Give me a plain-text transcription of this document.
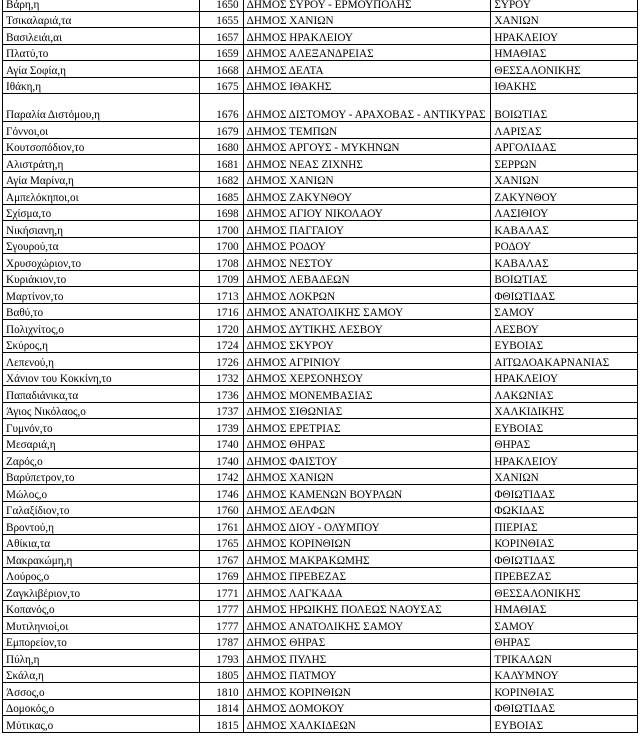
Βάρη,η	1650	ΔΗΜΟΣ ΣΥΡΟΥ - ΕΡΜΟΥΠΟΛΗΣ	ΣΥΡΟΥ
Τσικαλαριά,τα	1655	ΔΗΜΟΣ ΧΑΝΙΩΝ	ΧΑΝΙΩΝ
Βασιλειάι,αι	1657	ΔΗΜΟΣ ΗΡΑΚΛΕΙΟΥ	ΗΡΑΚΛΕΙΟΥ
Πλατύ,το	1659	ΔΗΜΟΣ ΑΛΕΞΑΝΔΡΕΙΑΣ	ΗΜΑΘΙΑΣ
Αγία Σοφία,η	1668	ΔΗΜΟΣ ΔΕΛΤΑ	ΘΕΣΣΑΛΟΝΙΚΗΣ
Ιθάκη,η	1675	ΔΗΜΟΣ ΙΘΑΚΗΣ	ΙΘΑΚΗΣ
Παραλία Διστόμου,η	1676	ΔΗΜΟΣ ΔΙΣΤΟΜΟΥ - ΑΡΑΧΟΒΑΣ - ΑΝΤΙΚΥΡΑΣ	ΒΟΙΩΤΙΑΣ
Γόννοι,οι	1679	ΔΗΜΟΣ ΤΕΜΠΩΝ	ΛΑΡΙΣΑΣ
Κουτσοπόδιον,το	1680	ΔΗΜΟΣ ΑΡΓΟΥΣ - ΜΥΚΗΝΩΝ	ΑΡΓΟΛΙΔΑΣ
Αλιστράτη,η	1681	ΔΗΜΟΣ ΝΕΑΣ ΖΙΧΝΗΣ	ΣΕΡΡΩΝ
Αγία Μαρίνα,η	1682	ΔΗΜΟΣ ΧΑΝΙΩΝ	ΧΑΝΙΩΝ
Αμπελόκηποι,οι	1685	ΔΗΜΟΣ ΖΑΚΥΝΘΟΥ	ΖΑΚΥΝΘΟΥ
Σχίσμα,το	1698	ΔΗΜΟΣ ΑΓΙΟΥ ΝΙΚΟΛΑΟΥ	ΛΑΣΙΘΙΟΥ
Νικήσιανη,η	1700	ΔΗΜΟΣ ΠΑΓΓΑΙΟΥ	ΚΑΒΑΛΑΣ
Σγουρού,τα	1700	ΔΗΜΟΣ ΡΟΔΟΥ	ΡΟΔΟΥ
Χρυσοχώριον,το	1708	ΔΗΜΟΣ ΝΕΣΤΟΥ	ΚΑΒΑΛΑΣ
Κυριάκιον,το	1709	ΔΗΜΟΣ ΛΕΒΑΔΕΩΝ	ΒΟΙΩΤΙΑΣ
Μαρτίνον,το	1713	ΔΗΜΟΣ ΛΟΚΡΩΝ	ΦΘΙΩΤΙΔΑΣ
Βαθύ,το	1716	ΔΗΜΟΣ ΑΝΑΤΟΛΙΚΗΣ ΣΑΜΟΥ	ΣΑΜΟΥ
Πολιχνίτος,ο	1720	ΔΗΜΟΣ ΔΥΤΙΚΗΣ ΛΕΣΒΟΥ	ΛΕΣΒΟΥ
Σκύρος,η	1724	ΔΗΜΟΣ ΣΚΥΡΟΥ	ΕΥΒΟΙΑΣ
Λεπενού,η	1726	ΔΗΜΟΣ ΑΓΡΙΝΙΟΥ	ΑΙΤΩΛΟΑΚΑΡΝΑΝΙΑΣ
Χάνιον του Κοκκίνη,το	1732	ΔΗΜΟΣ ΧΕΡΣΟΝΗΣΟΥ	ΗΡΑΚΛΕΙΟΥ
Παπαδιάνικα,τα	1736	ΔΗΜΟΣ ΜΟΝΕΜΒΑΣΙΑΣ	ΛΑΚΩΝΙΑΣ
Άγιος Νικόλαος,ο	1737	ΔΗΜΟΣ ΣΙΘΩΝΙΑΣ	ΧΑΛΚΙΔΙΚΗΣ
Γυμνόν,το	1739	ΔΗΜΟΣ ΕΡΕΤΡΙΑΣ	ΕΥΒΟΙΑΣ
Μεσαριά,η	1740	ΔΗΜΟΣ ΘΗΡΑΣ	ΘΗΡΑΣ
Ζαρός,ο	1740	ΔΗΜΟΣ ΦΑΙΣΤΟΥ	ΗΡΑΚΛΕΙΟΥ
Βαρύπετρον,το	1742	ΔΗΜΟΣ ΧΑΝΙΩΝ	ΧΑΝΙΩΝ
Μώλος,ο	1746	ΔΗΜΟΣ ΚΑΜΕΝΩΝ ΒΟΥΡΛΩΝ	ΦΘΙΩΤΙΔΑΣ
Γαλαξίδιον,το	1760	ΔΗΜΟΣ ΔΕΛΦΩΝ	ΦΩΚΙΔΑΣ
Βροντού,η	1761	ΔΗΜΟΣ ΔΙΟΥ - ΟΛΥΜΠΟΥ	ΠΙΕΡΙΑΣ
Αθίκια,τα	1765	ΔΗΜΟΣ ΚΟΡΙΝΘΙΩΝ	ΚΟΡΙΝΘΙΑΣ
Μακρακώμη,η	1767	ΔΗΜΟΣ ΜΑΚΡΑΚΩΜΗΣ	ΦΘΙΩΤΙΔΑΣ
Λούρος,ο	1769	ΔΗΜΟΣ ΠΡΕΒΕΖΑΣ	ΠΡΕΒΕΖΑΣ
Ζαγκλιβέριον,το	1771	ΔΗΜΟΣ ΛΑΓΚΑΔΑ	ΘΕΣΣΑΛΟΝΙΚΗΣ
Κοπανός,ο	1777	ΔΗΜΟΣ ΗΡΩΙΚΗΣ ΠΟΛΕΩΣ ΝΑΟΥΣΑΣ	ΗΜΑΘΙΑΣ
Μυτιληνιοί,οι	1777	ΔΗΜΟΣ ΑΝΑΤΟΛΙΚΗΣ ΣΑΜΟΥ	ΣΑΜΟΥ
Εμπορείον,το	1787	ΔΗΜΟΣ ΘΗΡΑΣ	ΘΗΡΑΣ
Πύλη,η	1793	ΔΗΜΟΣ ΠΥΛΗΣ	ΤΡΙΚΑΛΩΝ
Σκάλα,η	1805	ΔΗΜΟΣ ΠΑΤΜΟΥ	ΚΑΛΥΜΝΟΥ
Άσσος,ο	1810	ΔΗΜΟΣ ΚΟΡΙΝΘΙΩΝ	ΚΟΡΙΝΘΙΑΣ
Δομοκός,ο	1814	ΔΗΜΟΣ ΔΟΜΟΚΟΥ	ΦΘΙΩΤΙΔΑΣ
Μύτικας,ο	1815	ΔΗΜΟΣ ΧΑΛΚΙΔΕΩΝ	ΕΥΒΟΙΑΣ
